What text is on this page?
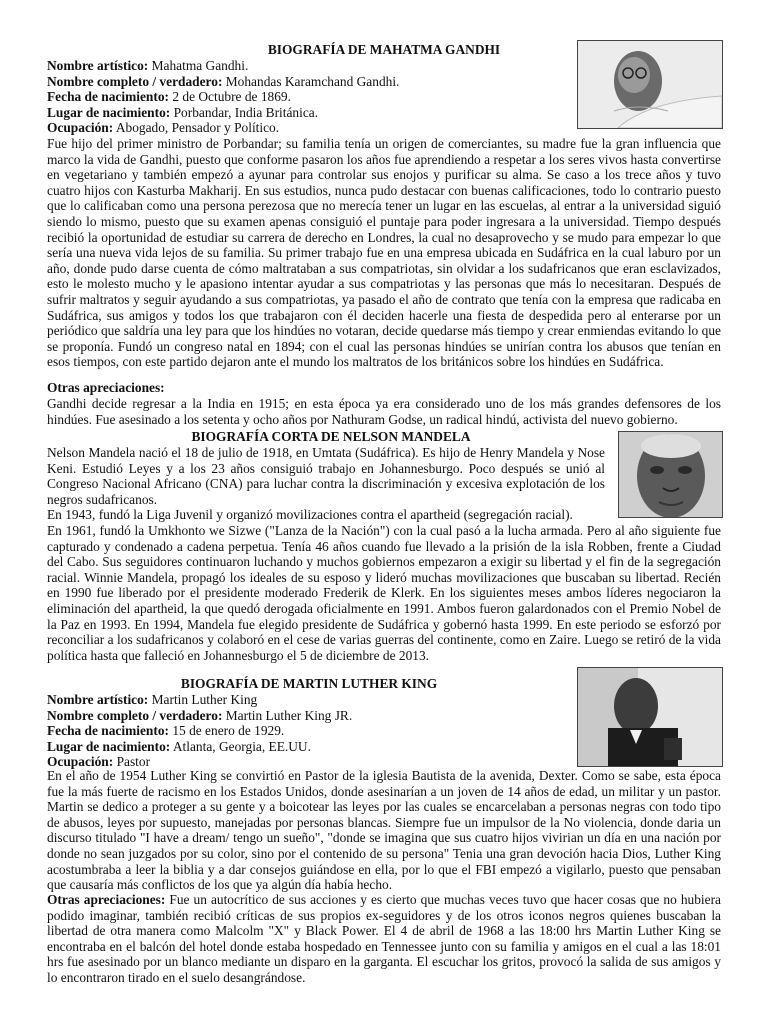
BIOGRAFÍA DE MAHATMA GANDHI
Nombre artístico: Mahatma Gandhi.
Nombre completo / verdadero: Mohandas Karamchand Gandhi.
Fecha de nacimiento: 2 de Octubre de 1869.
Lugar de nacimiento: Porbandar, India Británica.
Ocupación: Abogado, Pensador y Político.
Fue hijo del primer ministro de Porbandar; su familia tenía un origen de comerciantes, su madre fue la gran influencia que marco la vida de Gandhi, puesto que conforme pasaron los años fue aprendiendo a respetar a los seres vivos hasta convertirse en vegetariano y también empezó a ayunar para controlar sus enojos y purificar su alma. Se caso a los trece años y tuvo cuatro hijos con Kasturba Makharij. En sus estudios, nunca pudo destacar con buenas calificaciones, todo lo contrario puesto que lo calificaban como una persona perezosa que no merecía tener un lugar en las escuelas, al entrar a la universidad siguió siendo lo mismo, puesto que su examen apenas consiguió el puntaje para poder ingresara a la universidad. Tiempo después recibió la oportunidad de estudiar su carrera de derecho en Londres, la cual no desaprovecho y se mudo para empezar lo que sería una nueva vida lejos de su familia. Su primer trabajo fue en una empresa ubicada en Sudáfrica en la cual laburo por un año, donde pudo darse cuenta de cómo maltrataban a sus compatriotas, sin olvidar a los sudafricanos que eran esclavizados, esto le molesto mucho y le apasiono intentar ayudar a sus compatriotas y las personas que más lo necesitaran. Después de sufrir maltratos y seguir ayudando a sus compatriotas, ya pasado el año de contrato que tenía con la empresa que radicaba en Sudáfrica, sus amigos y todos los que trabajaron con él deciden hacerle una fiesta de despedida pero al enterarse por un periódico que saldría una ley para que los hindúes no votaran, decide quedarse más tiempo y crear enmiendas evitando lo que se proponía. Fundó un congreso natal en 1894; con el cual las personas hindúes se unirían contra los abusos que tenían en esos tiempos, con este partido dejaron ante el mundo los maltratos de los británicos sobre los hindúes en Sudáfrica.
Otras apreciaciones:
Gandhi decide regresar a la India en 1915; en esta época ya era considerado uno de los más grandes defensores de los hindúes. Fue asesinado a los setenta y ocho años por Nathuram Godse, un radical hindú, activista del nuevo gobierno.
BIOGRAFÍA CORTA DE NELSON MANDELA
Nelson Mandela nació el 18 de julio de 1918, en Umtata (Sudáfrica). Es hijo de Henry Mandela y Nose Keni. Estudió Leyes y a los 23 años consiguió trabajo en Johannesburgo. Poco después se unió al Congreso Nacional Africano (CNA) para luchar contra la discriminación y excesiva explotación de los negros sudafricanos.
En 1943, fundó la Liga Juvenil y organizó movilizaciones contra el apartheid (segregación racial).
En 1961, fundó la Umkhonto we Sizwe ("Lanza de la Nación") con la cual pasó a la lucha armada. Pero al año siguiente fue capturado y condenado a cadena perpetua. Tenía 46 años cuando fue llevado a la prisión de la isla Robben, frente a Ciudad del Cabo. Sus seguidores continuaron luchando y muchos gobiernos empezaron a exigir su libertad y el fin de la segregación racial. Winnie Mandela, propagó los ideales de su esposo y lideró muchas movilizaciones que buscaban su libertad. Recién en 1990 fue liberado por el presidente moderado Frederik de Klerk. En los siguientes meses ambos líderes negociaron la eliminación del apartheid, la que quedó derogada oficialmente en 1991. Ambos fueron galardonados con el Premio Nobel de la Paz en 1993. En 1994, Mandela fue elegido presidente de Sudáfrica y gobernó hasta 1999. En este periodo se esforzó por reconciliar a los sudafricanos y colaboró en el cese de varias guerras del continente, como en Zaire. Luego se retiró de la vida política hasta que falleció en Johannesburgo el 5 de diciembre de 2013.
BIOGRAFÍA DE MARTIN LUTHER KING
Nombre artístico: Martin Luther King
Nombre completo / verdadero: Martin Luther King JR.
Fecha de nacimiento: 15 de enero de 1929.
Lugar de nacimiento: Atlanta, Georgia, EE.UU.
Ocupación: Pastor
En el año de 1954 Luther King se convirtió en Pastor de la iglesia Bautista de la avenida, Dexter. Como se sabe, esta época fue la más fuerte de racismo en los Estados Unidos, donde asesinarían a un joven de 14 años de edad, un militar y un pastor. Martin se dedico a proteger a su gente y a boicotear las leyes por las cuales se encarcelaban a personas negras con todo tipo de abusos, leyes por supuesto, manejadas por personas blancas. Siempre fue un impulsor de la No violencia, donde daria un discurso titulado "I have a dream/ tengo un sueño", "donde se imagina que sus cuatro hijos vivirian un día en una nación por donde no sean juzgados por su color, sino por el contenido de su persona" Tenia una gran devoción hacia Dios, Luther King acostumbraba a leer la biblia y a dar consejos guiándose en ella, por lo que el FBI empezó a vigilarlo, puesto que pensaban que causaría más conflictos de los que ya algún día había hecho.
Otras apreciaciones: Fue un autocrítico de sus acciones y es cierto que muchas veces tuvo que hacer cosas que no hubiera podido imaginar, también recibió críticas de sus propios ex-seguidores y de los otros iconos negros quienes buscaban la libertad de otra manera como Malcolm "X" y Black Power. El 4 de abril de 1968 a las 18:00 hrs Martin Luther King se encontraba en el balcón del hotel donde estaba hospedado en Tennessee junto con su familia y amigos en el cual a las 18:01 hrs fue asesinado por un blanco mediante un disparo en la garganta. El escuchar los gritos, provocó la salida de sus amigos y lo encontraron tirado en el suelo desangrándose.
